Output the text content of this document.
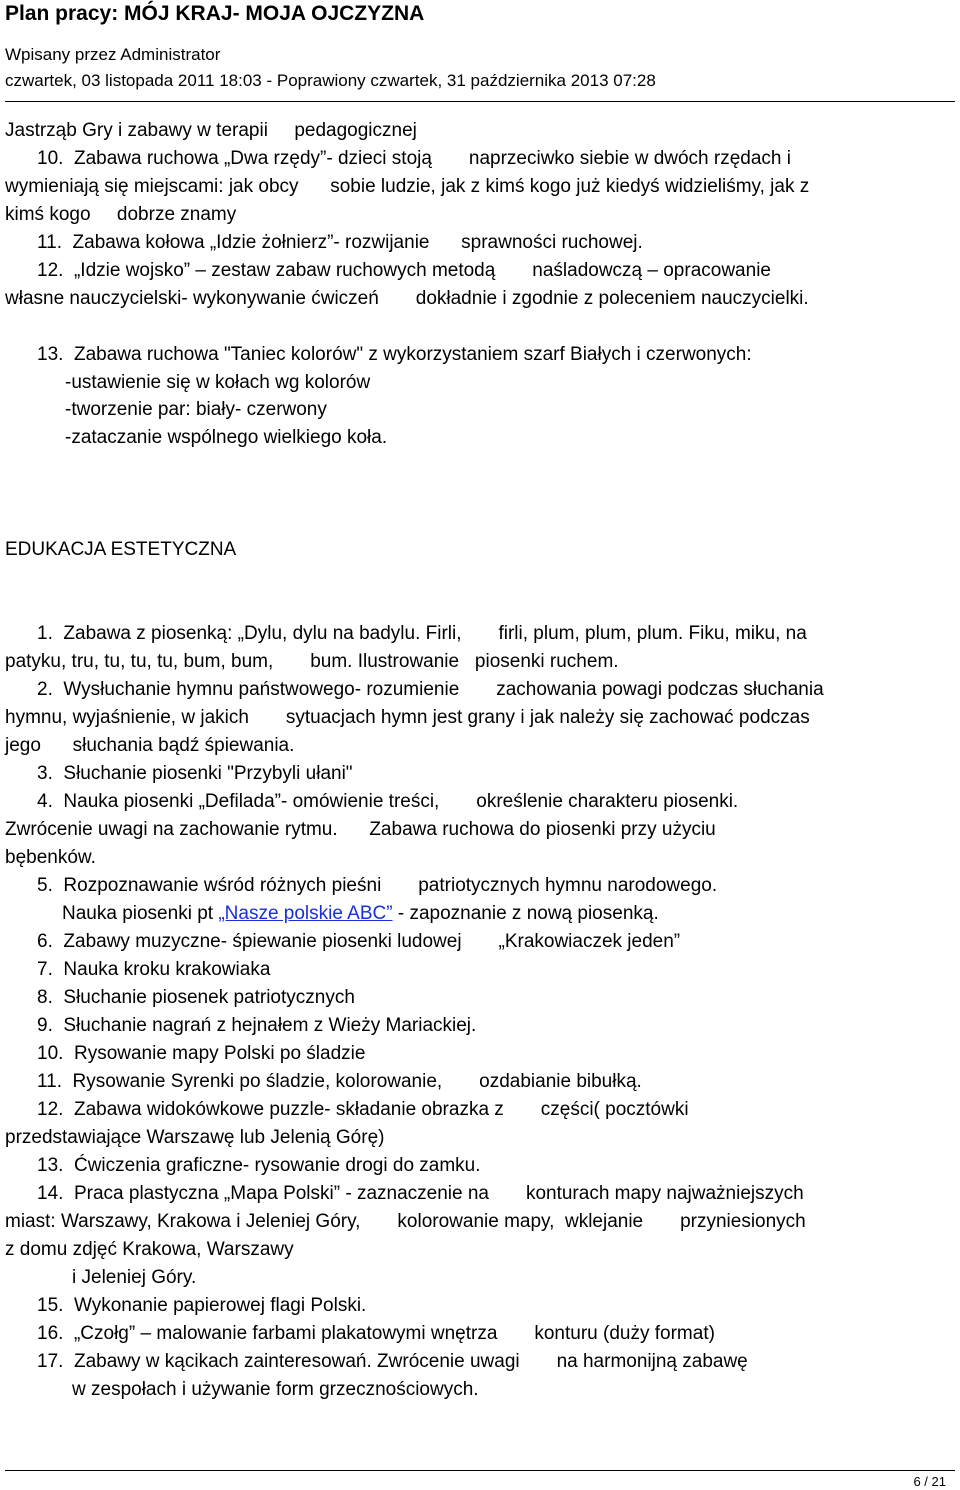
Plan pracy: MÓJ KRAJ- MOJA OJCZYZNA
Wpisany przez Administrator
czwartek, 03 listopada 2011 18:03 - Poprawiony czwartek, 31 października 2013 07:28
Jastrząb Gry i zabawy w terapii     pedagogicznej
10.  Zabawa ruchowa „Dwa rzędy”- dzieci stoją       naprzeciwko siebie w dwóch rzędach i
wymieniają się miejscami: jak obcy      sobie ludzie, jak z kimś kogo już kiedyś widzieliśmy, jak z
kimś kogo     dobrze znamy
11.  Zabawa kołowa „Idzie żołnierz”- rozwijanie      sprawności ruchowej.
12.  „Idzie wojsko” – zestaw zabaw ruchowych metodą       naśladowczą – opracowanie
własne nauczycielski- wykonywanie ćwiczeń       dokładnie i zgodnie z poleceniem nauczycielki.
13.  Zabawa ruchowa "Taniec kolorów" z wykorzystaniem szarf Białych i czerwonych:
-ustawienie się w kołach wg kolorów
-tworzenie par: biały- czerwony
-zataczanie wspólnego wielkiego koła.
EDUKACJA ESTETYCZNA
1.  Zabawa z piosenką: „Dylu, dylu na badylu. Firli,       firli, plum, plum, plum. Fiku, miku, na
patyku, tru, tu, tu, tu, bum, bum,       bum. Ilustrowanie   piosenki ruchem.
2.  Wysłuchanie hymnu państwowego- rozumienie       zachowania powagi podczas słuchania
hymnu, wyjaśnienie, w jakich       sytuacjach hymn jest grany i jak należy się zachować podczas
jego      słuchania bądź śpiewania.
3.  Słuchanie piosenki "Przybyli ułani"
4.  Nauka piosenki „Defilada”- omówienie treści,       określenie charakteru piosenki.
Zwrócenie uwagi na zachowanie rytmu.      Zabawa ruchowa do piosenki przy użyciu
bębenków.
5.  Rozpoznawanie wśród różnych pieśni       patriotycznych hymnu narodowego.
Nauka piosenki pt „Nasze polskie ABC” - zapoznanie z nową piosenką.
6.  Zabawy muzyczne- śpiewanie piosenki ludowej       „Krakowiaczek jeden”
7.  Nauka kroku krakowiaka
8.  Słuchanie piosenek patriotycznych
9.  Słuchanie nagrań z hejnałem z Wieży Mariackiej.
10.  Rysowanie mapy Polski po śladzie
11.  Rysowanie Syrenki po śladzie, kolorowanie,       ozdabianie bibułką.
12.  Zabawa widokówkowe puzzle- składanie obrazka z       części( pocztówki
przedstawiające Warszawę lub Jelenią Górę)
13.  Ćwiczenia graficzne- rysowanie drogi do zamku.
14.  Praca plastyczna „Mapa Polski” - zaznaczenie na       konturach mapy najważniejszych
miast: Warszawy, Krakowa i Jeleniej Góry,       kolorowanie mapy,  wklejanie       przyniesionych
z domu zdjęć Krakowa, Warszawy
i Jeleniej Góry.
15.  Wykonanie papierowej flagi Polski.
16.  „Czołg” – malowanie farbami plakatowymi wnętrza       konturu (duży format)
17.  Zabawy w kącikach zainteresowań. Zwrócenie uwagi       na harmonijną zabawę
w zespołach i używanie form grzecznościowych.
6 / 21
